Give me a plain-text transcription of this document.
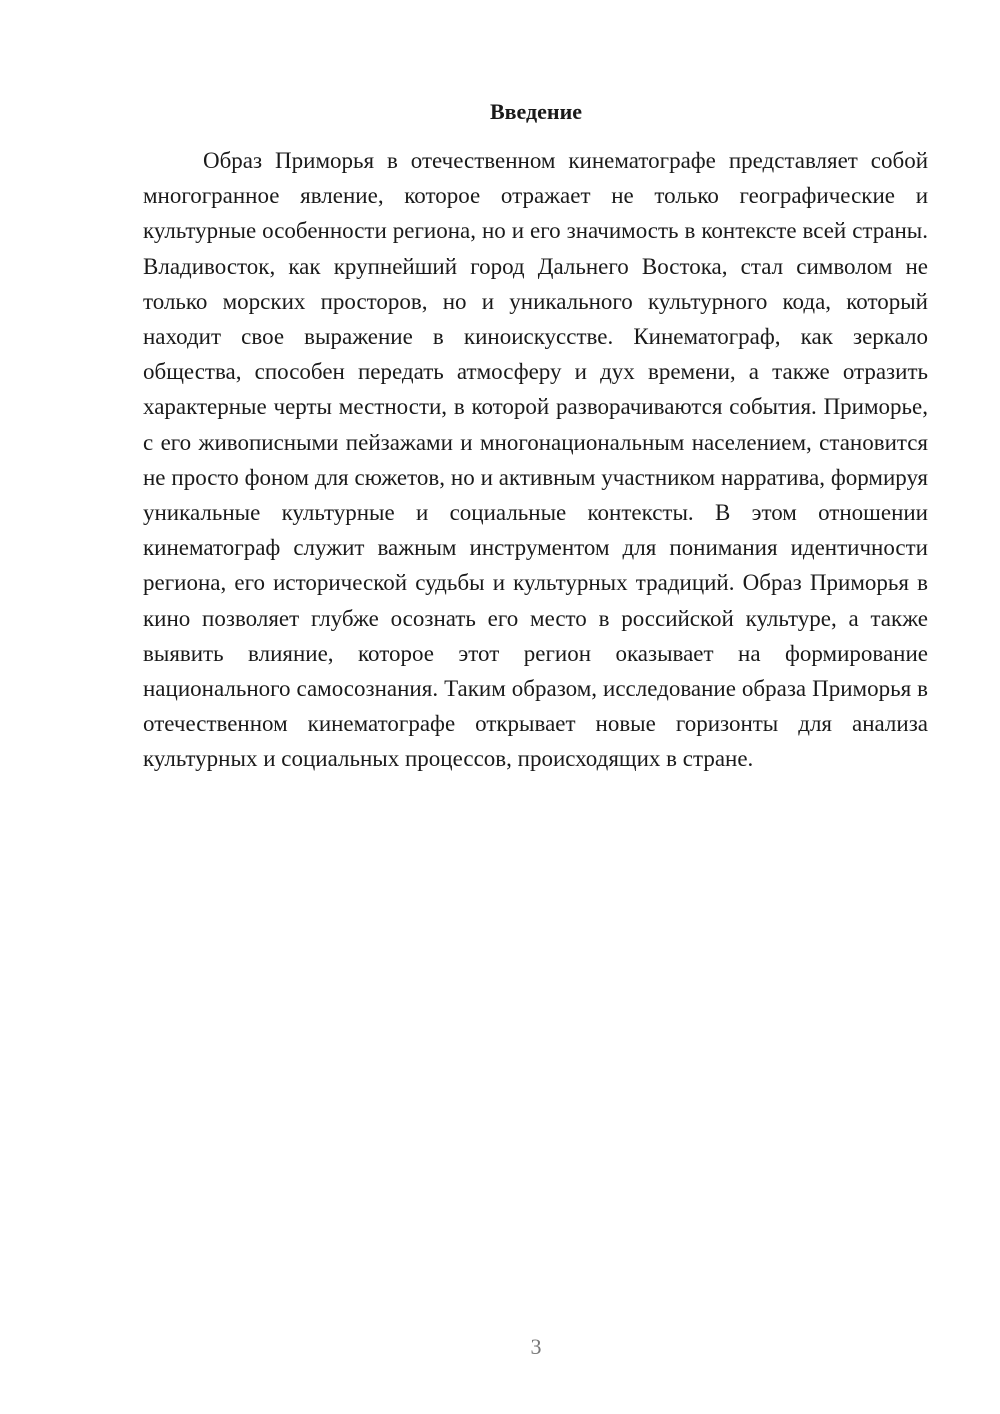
Введение

Образ Приморья в отечественном кинематографе представляет собой многогранное явление, которое отражает не только географические и культурные особенности региона, но и его значимость в контексте всей страны. Владивосток, как крупнейший город Дальнего Востока, стал символом не только морских просторов, но и уникального культурного кода, который находит свое выражение в киноискусстве. Кинематограф, как зеркало общества, способен передать атмосферу и дух времени, а также отразить характерные черты местности, в которой разворачиваются события. Приморье, с его живописными пейзажами и многонациональным населением, становится не просто фоном для сюжетов, но и активным участником нарратива, формируя уникальные культурные и социальные контексты. В этом отношении кинематограф служит важным инструментом для понимания идентичности региона, его исторической судьбы и культурных традиций. Образ Приморья в кино позволяет глубже осознать его место в российской культуре, а также выявить влияние, которое этот регион оказывает на формирование национального самосознания. Таким образом, исследование образа Приморья в отечественном кинематографе открывает новые горизонты для анализа культурных и социальных процессов, происходящих в стране.

3
